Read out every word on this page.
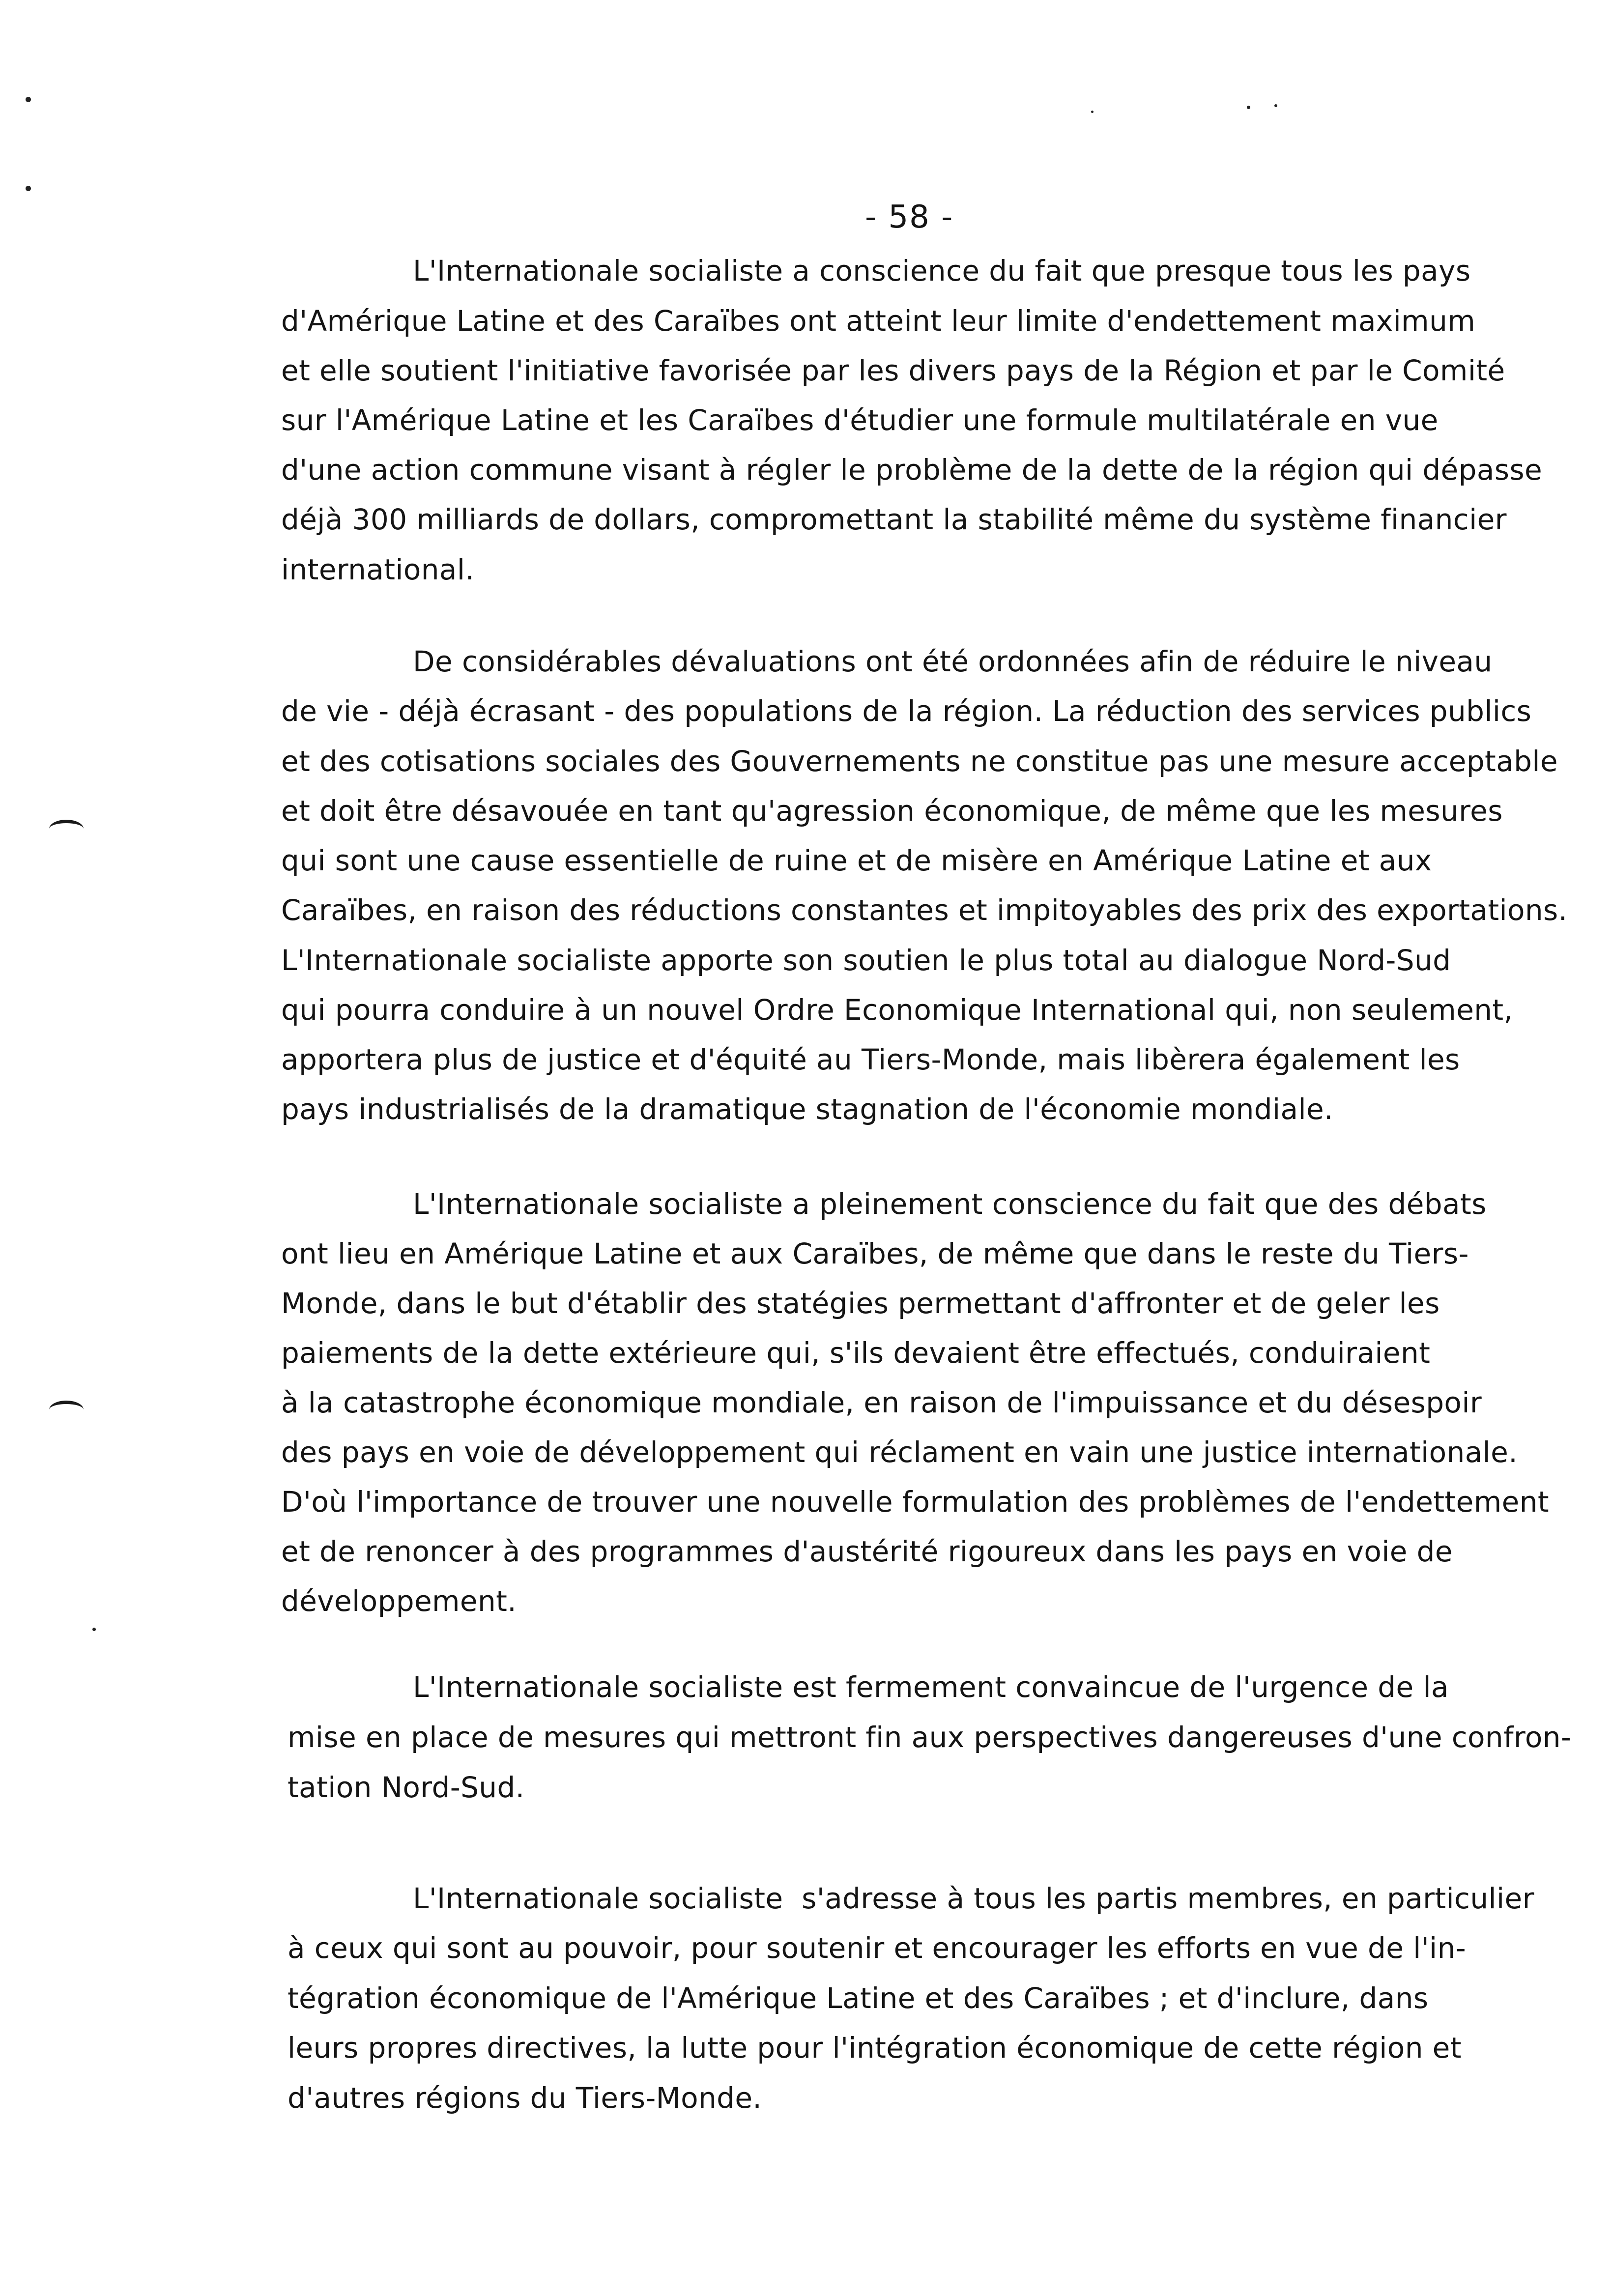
- 58 -
L'Internationale socialiste a conscience du fait que presque tous les pays
d'Amérique Latine et des Caraïbes ont atteint leur limite d'endettement maximum
et elle soutient l'initiative favorisée par les divers pays de la Région et par le Comité
sur l'Amérique Latine et les Caraïbes d'étudier une formule multilatérale en vue
d'une action commune visant à régler le problème de la dette de la région qui dépasse
déjà 300 milliards de dollars, compromettant la stabilité même du système financier
international.
De considérables dévaluations ont été ordonnées afin de réduire le niveau
de vie - déjà écrasant - des populations de la région. La réduction des services publics
et des cotisations sociales des Gouvernements ne constitue pas une mesure acceptable
et doit être désavouée en tant qu'agression économique, de même que les mesures
qui sont une cause essentielle de ruine et de misère en Amérique Latine et aux
Caraïbes, en raison des réductions constantes et impitoyables des prix des exportations.
L'Internationale socialiste apporte son soutien le plus total au dialogue Nord-Sud
qui pourra conduire à un nouvel Ordre Economique International qui, non seulement,
apportera plus de justice et d'équité au Tiers-Monde, mais libèrera également les
pays industrialisés de la dramatique stagnation de l'économie mondiale.
L'Internationale socialiste a pleinement conscience du fait que des débats
ont lieu en Amérique Latine et aux Caraïbes, de même que dans le reste du Tiers-
Monde, dans le but d'établir des statégies permettant d'affronter et de geler les
paiements de la dette extérieure qui, s'ils devaient être effectués, conduiraient
à la catastrophe économique mondiale, en raison de l'impuissance et du désespoir
des pays en voie de développement qui réclament en vain une justice internationale.
D'où l'importance de trouver une nouvelle formulation des problèmes de l'endettement
et de renoncer à des programmes d'austérité rigoureux dans les pays en voie de
développement.
L'Internationale socialiste est fermement convaincue de l'urgence de la
mise en place de mesures qui mettront fin aux perspectives dangereuses d'une confron-
tation Nord-Sud.
L'Internationale socialiste  s'adresse à tous les partis membres, en particulier
à ceux qui sont au pouvoir, pour soutenir et encourager les efforts en vue de l'in-
tégration économique de l'Amérique Latine et des Caraïbes ; et d'inclure, dans
leurs propres directives, la lutte pour l'intégration économique de cette région et
d'autres régions du Tiers-Monde.
